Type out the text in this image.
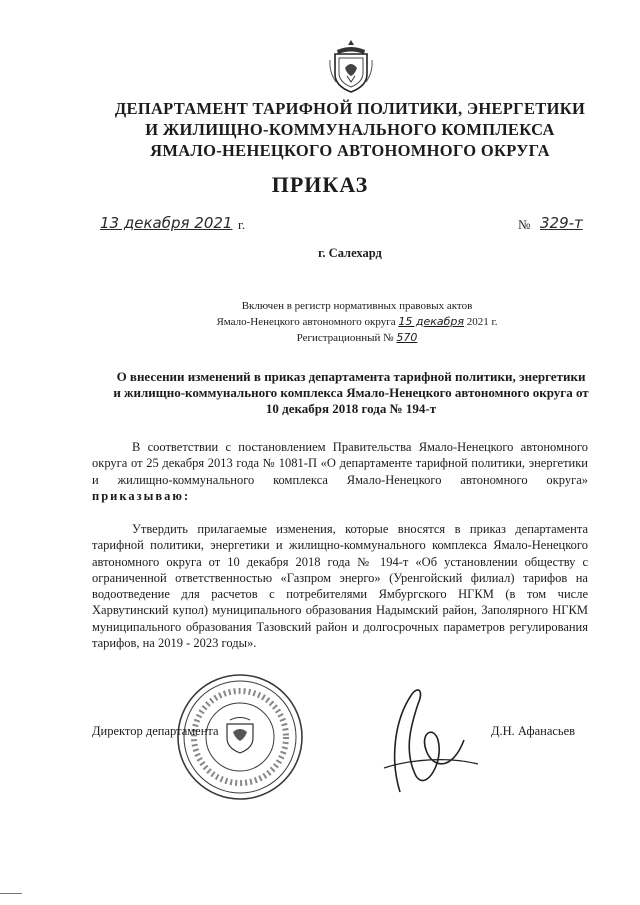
ДЕПАРТАМЕНТ ТАРИФНОЙ ПОЛИТИКИ, ЭНЕРГЕТИКИ
И ЖИЛИЩНО-КОММУНАЛЬНОГО КОМПЛЕКСА
ЯМАЛО-НЕНЕЦКОГО АВТОНОМНОГО ОКРУГА
ПРИКАЗ
13 декабря 2021 г.	№ 329-т
г. Салехард
Включен в регистр нормативных правовых актов
Ямало-Ненецкого автономного округа 15 декабря 2021 г.
Регистрационный № 570
О внесении изменений в приказ департамента тарифной политики, энергетики и жилищно-коммунального комплекса Ямало-Ненецкого автономного округа от 10 декабря 2018 года № 194-т
В соответствии с постановлением Правительства Ямало-Ненецкого автономного округа от 25 декабря 2013 года № 1081-П «О департаменте тарифной политики, энергетики и жилищно-коммунального комплекса Ямало-Ненецкого автономного округа» приказываю:
Утвердить прилагаемые изменения, которые вносятся в приказ департамента тарифной политики, энергетики и жилищно-коммунального комплекса Ямало-Ненецкого автономного округа от 10 декабря 2018 года № 194-т «Об установлении обществу с ограниченной ответственностью «Газпром энерго» (Уренгойский филиал) тарифов на водоотведение для расчетов с потребителями Ямбургского НГКМ (в том числе Харвутинский купол) муниципального образования Надымский район, Заполярного НГКМ муниципального образования Тазовский район и долгосрочных параметров регулирования тарифов, на 2019 - 2023 годы».
Директор департамента	Д.Н. Афанасьев
